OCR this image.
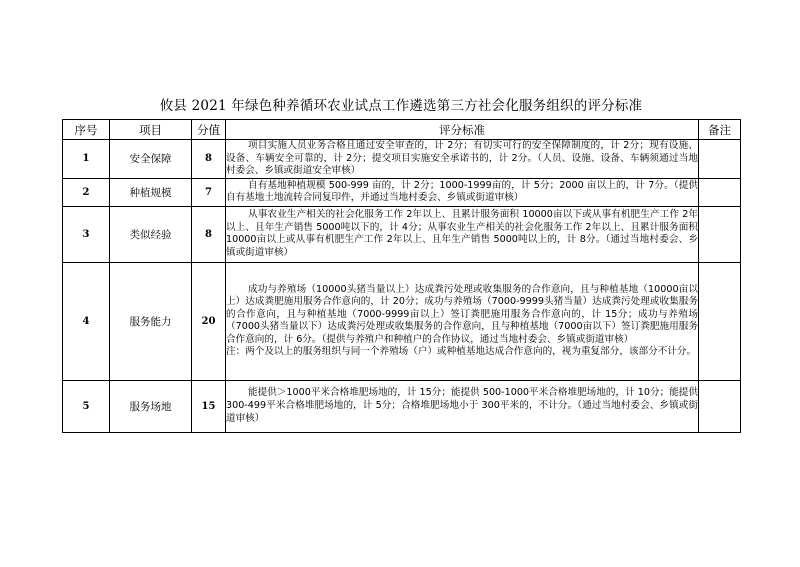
攸县 2021 年绿色种养循环农业试点工作遴选第三方社会化服务组织的评分标准
序号	项目	分值	评分标准	备注
1	安全保障	8	项目实施人员业务合格且通过安全审查的，计 2分；有切实可行的安全保障制度的，计 2分；现有设施、设备、车辆安全可靠的，计 2分；提交项目实施安全承诺书的，计 2分。（人员、设施、设备、车辆须通过当地村委会、乡镇或街道安全审核）	

2	种植规模	7	自有基地种植规模 500-999 亩的，计 2分；1000-1999亩的，计 5分；2000 亩以上的，计 7分。（提供自有基地土地流转合同复印件，并通过当地村委会、乡镇或街道审核）	

3	类似经验	8	从事农业生产相关的社会化服务工作 2年以上、且累计服务面积 10000亩以下或从事有机肥生产工作 2年以上、且年生产销售 5000吨以下的，计 4分；从事农业生产相关的社会化服务工作 2年以上、且累计服务面积 10000亩以上或从事有机肥生产工作 2年以上、且年生产销售 5000吨以上的，计 8分。（通过当地村委会、乡镇或街道审核）	

4	服务能力	20	成功与养殖场（10000头猪当量以上）达成粪污处理或收集服务的合作意向，且与种植基地（10000亩以上）达成粪肥施用服务合作意向的，计 20分；成功与养殖场（7000-9999头猪当量）达成粪污处理或收集服务的合作意向，且与种植基地（7000-9999亩以上）签订粪肥施用服务合作意向的，计 15分；成功与养殖场（7000头猪当量以下）达成粪污处理或收集服务的合作意向，且与种植基地（7000亩以下）签订粪肥施用服务合作意向的，计 6分。（提供与养殖户和种植户的合作协议，通过当地村委会、乡镇或街道审核）

注：两个及以上的服务组织与同一个养殖场（户）或种植基地达成合作意向的，视为重复部分，该部分不计分。	

5	服务场地	15	能提供＞1000平米合格堆肥场地的，计 15分；能提供 500-1000平米合格堆肥场地的，计 10分；能提供 300-499平米合格堆肥场地的，计 5分；合格堆肥场地小于 300平米的，不计分。（通过当地村委会、乡镇或街道审核）	
